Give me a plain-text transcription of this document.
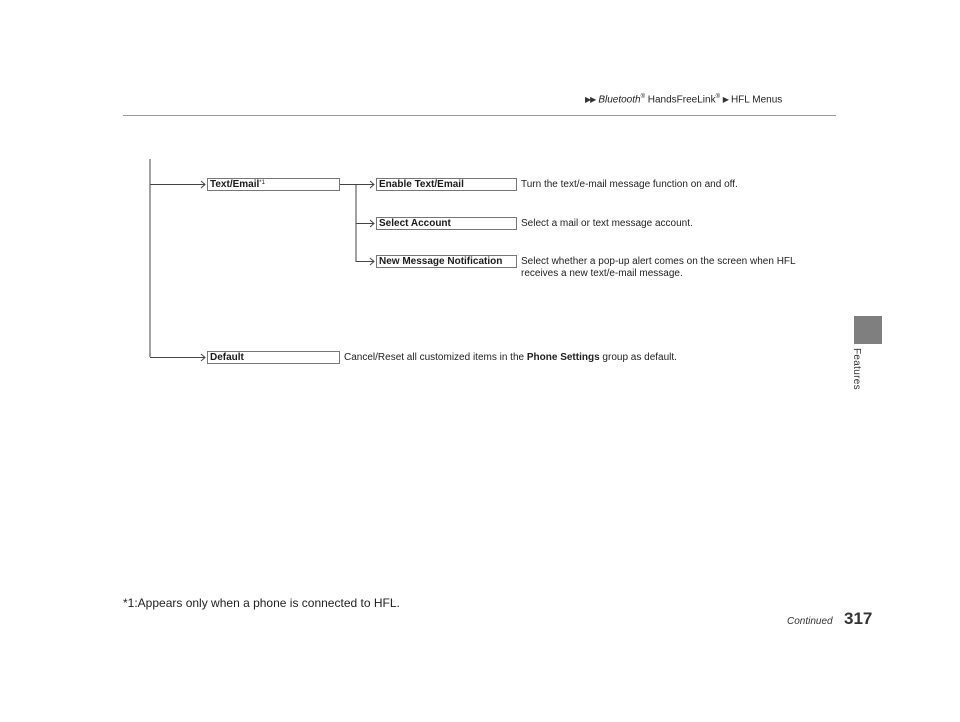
▶▶ Bluetooth® HandsFreeLink® ▶ HFL Menus
Features
Text/Email$^{*1}$	Enable Text/Email	Turn the text/e-mail message function on and off.
Select Account	Select a mail or text message account.
New Message Notification	Select whether a pop-up alert comes on the screen when HFL
receives a new text/e-mail message.
Default	Cancel/Reset all customized items in the Phone Settings group as default.
*1:Appears only when a phone is connected to HFL.
Continued 317
